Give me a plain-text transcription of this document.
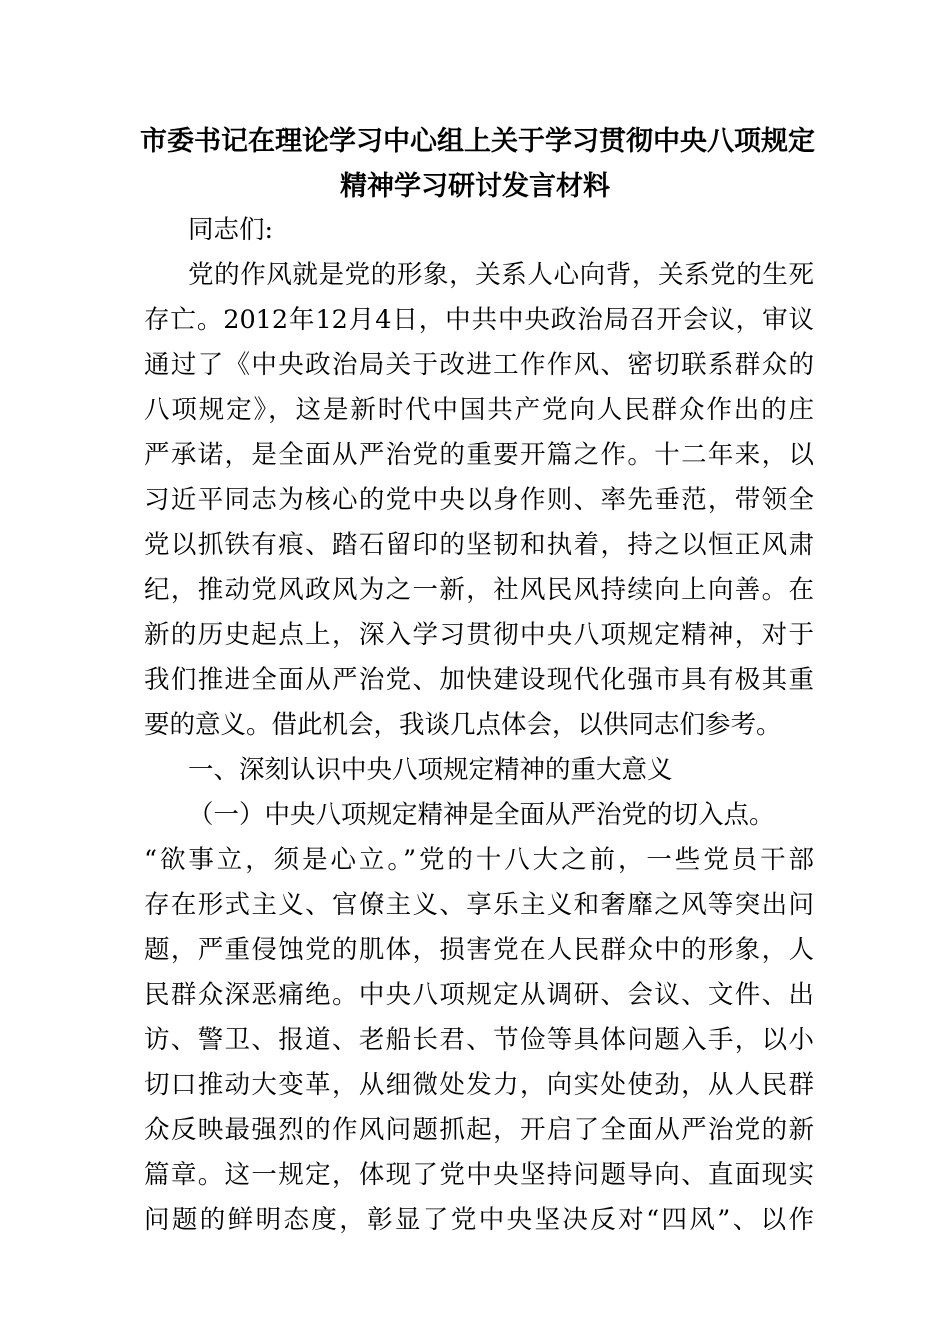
市委书记在理论学习中心组上关于学习贯彻中央八项规定
精神学习研讨发言材料
同志们:
党的作风就是党的形象，关系人心向背，关系党的生死
存亡。2012年12月4日，中共中央政治局召开会议，审议
通过了《中央政治局关于改进工作作风、密切联系群众的
八项规定》，这是新时代中国共产党向人民群众作出的庄
严承诺，是全面从严治党的重要开篇之作。十二年来，以
习近平同志为核心的党中央以身作则、率先垂范，带领全
党以抓铁有痕、踏石留印的坚韧和执着，持之以恒正风肃
纪，推动党风政风为之一新，社风民风持续向上向善。在
新的历史起点上，深入学习贯彻中央八项规定精神，对于
我们推进全面从严治党、加快建设现代化强市具有极其重
要的意义。借此机会，我谈几点体会，以供同志们参考。
一、深刻认识中央八项规定精神的重大意义
（一）中央八项规定精神是全面从严治党的切入点。
“欲事立，须是心立。”党的十八大之前，一些党员干部
存在形式主义、官僚主义、享乐主义和奢靡之风等突出问
题，严重侵蚀党的肌体，损害党在人民群众中的形象，人
民群众深恶痛绝。中央八项规定从调研、会议、文件、出
访、警卫、报道、老船长君、节俭等具体问题入手，以小
切口推动大变革，从细微处发力，向实处使劲，从人民群
众反映最强烈的作风问题抓起，开启了全面从严治党的新
篇章。这一规定，体现了党中央坚持问题导向、直面现实
问题的鲜明态度，彰显了党中央坚决反对“四风”、以作
